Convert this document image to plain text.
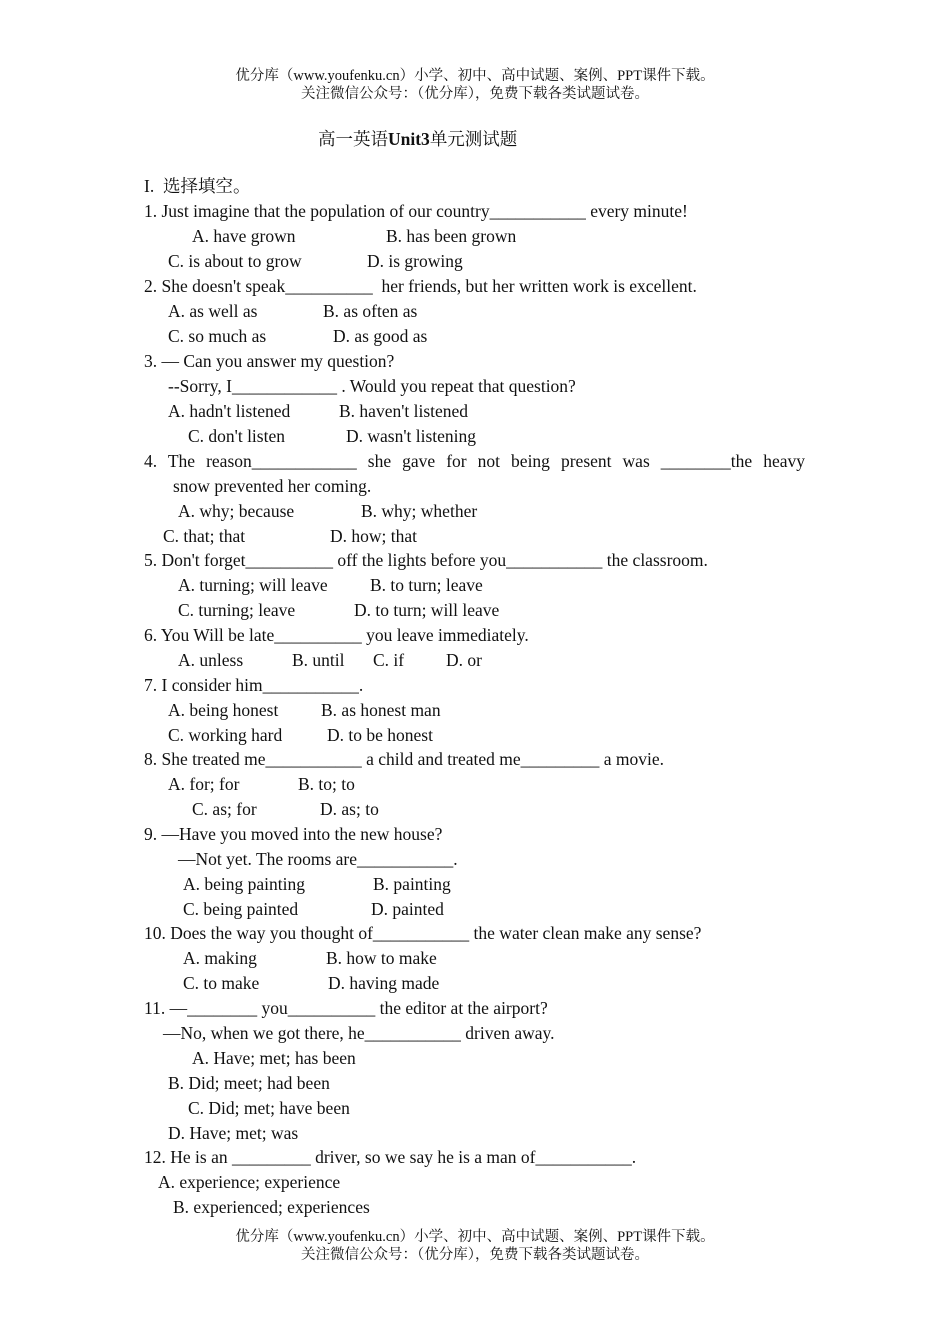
优分库（www.youfenku.cn）小学、初中、高中试题、案例、PPT课件下载。
关注微信公众号：（优分库），免费下载各类试题试卷。
高一英语Unit3单元测试题
I.  选择填空。
1. Just imagine that the population of our country___________ every minute!
A. have grown	B. has been grown
C. is about to grow	D. is growing
2. She doesn't speak__________  her friends, but her written work is excellent.
A. as well as	B. as often as
C. so much as	D. as good as
3. — Can you answer my question?
--Sorry, I____________ . Would you repeat that question?
A. hadn't listened	B. haven't listened
C. don't listen	D. wasn't listening
4. The reason____________ she gave for not being present was ________the heavy
snow prevented her coming.
A. why; because	B. why; whether
C. that; that	D. how; that
5. Don't forget__________ off the lights before you___________ the classroom.
A. turning; will leave B. to turn; leave
C. turning; leave	D. to turn; will leave
6. You Will be late__________ you leave immediately.
A. unless	B. until C. if D. or
7. I consider him___________.
A. being honest B. as honest man
C. working hard	D. to be honest
8. She treated me___________ a child and treated me_________ a movie.
A. for; for	B. to; to
C. as; for	D. as; to
9. —Have you moved into the new house?
—Not yet. The rooms are___________.
A. being painting	B. painting
C. being painted	D. painted
10. Does the way you thought of___________ the water clean make any sense?
A. making	B. how to make
C. to make	D. having made
11. —________ you__________ the editor at the airport?
—No, when we got there, he___________ driven away.
A. Have; met; has been
B. Did; meet; had been
C. Did; met; have been
D. Have; met; was
12. He is an _________ driver, so we say he is a man of___________.
A. experience; experience
B. experienced; experiences
优分库（www.youfenku.cn）小学、初中、高中试题、案例、PPT课件下载。
关注微信公众号：（优分库），免费下载各类试题试卷。
